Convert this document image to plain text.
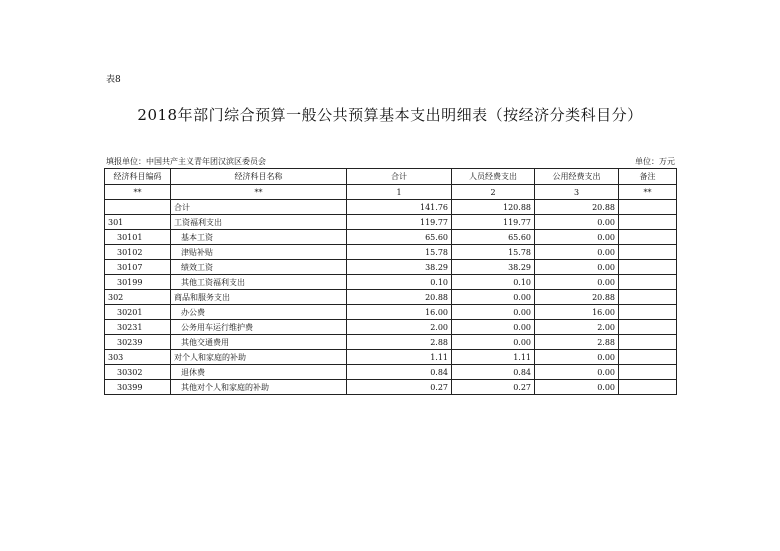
表8
2018年部门综合预算一般公共预算基本支出明细表（按经济分类科目分）
填报单位：中国共产主义青年团汉滨区委员会	单位：万元
经济科目编码	经济科目名称	合计	人员经费支出	公用经费支出	备注
**	**	1	2	3	**
	合计	141.76	120.88	20.88	
301	工资福利支出	119.77	119.77	0.00	
30101	基本工资	65.60	65.60	0.00	
30102	津贴补贴	15.78	15.78	0.00	
30107	绩效工资	38.29	38.29	0.00	
30199	其他工资福利支出	0.10	0.10	0.00	
302	商品和服务支出	20.88	0.00	20.88	
30201	办公费	16.00	0.00	16.00	
30231	公务用车运行维护费	2.00	0.00	2.00	
30239	其他交通费用	2.88	0.00	2.88	
303	对个人和家庭的补助	1.11	1.11	0.00	
30302	退休费	0.84	0.84	0.00	
30399	其他对个人和家庭的补助	0.27	0.27	0.00	
